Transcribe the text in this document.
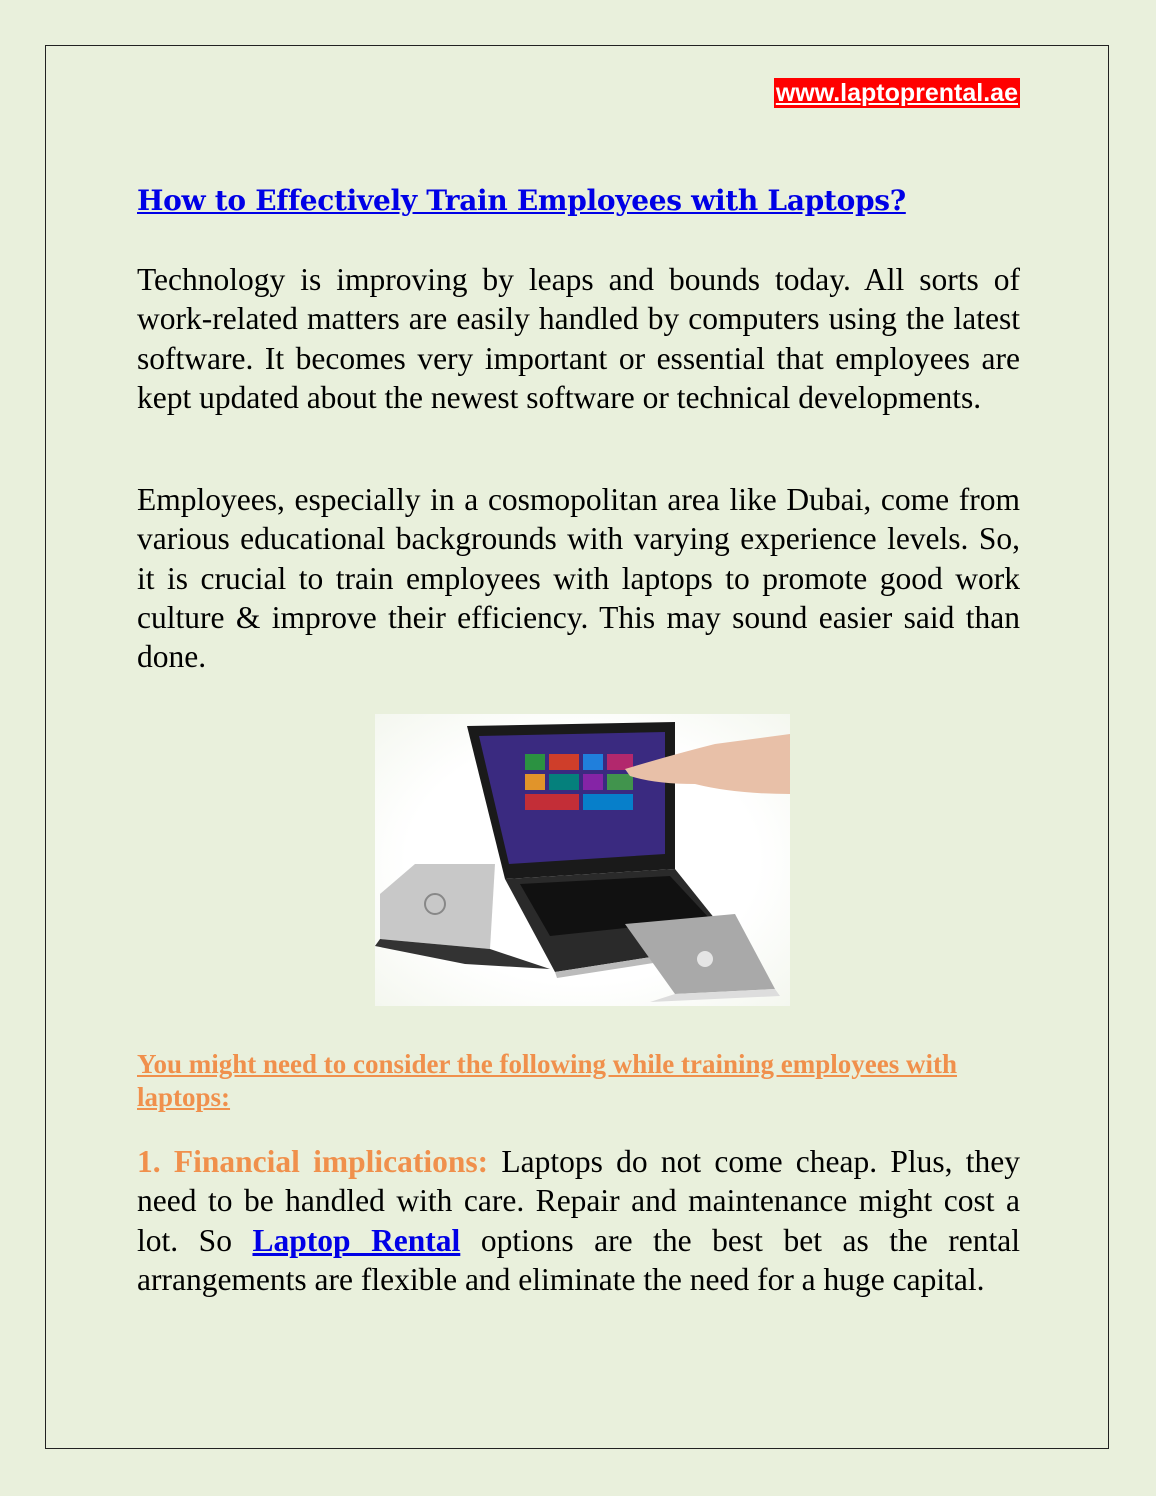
www.laptoprental.ae
How to Effectively Train Employees with Laptops?
Technology is improving by leaps and bounds today. All sorts of work-related matters are easily handled by computers using the latest software. It becomes very important or essential that employees are kept updated about the newest software or technical developments.
Employees, especially in a cosmopolitan area like Dubai, come from various educational backgrounds with varying experience levels. So, it is crucial to train employees with laptops to promote good work culture & improve their efficiency. This may sound easier said than done.
You might need to consider the following while training employees with laptops:
1. Financial implications: Laptops do not come cheap. Plus, they need to be handled with care. Repair and maintenance might cost a lot. So Laptop Rental options are the best bet as the rental arrangements are flexible and eliminate the need for a huge capital.
